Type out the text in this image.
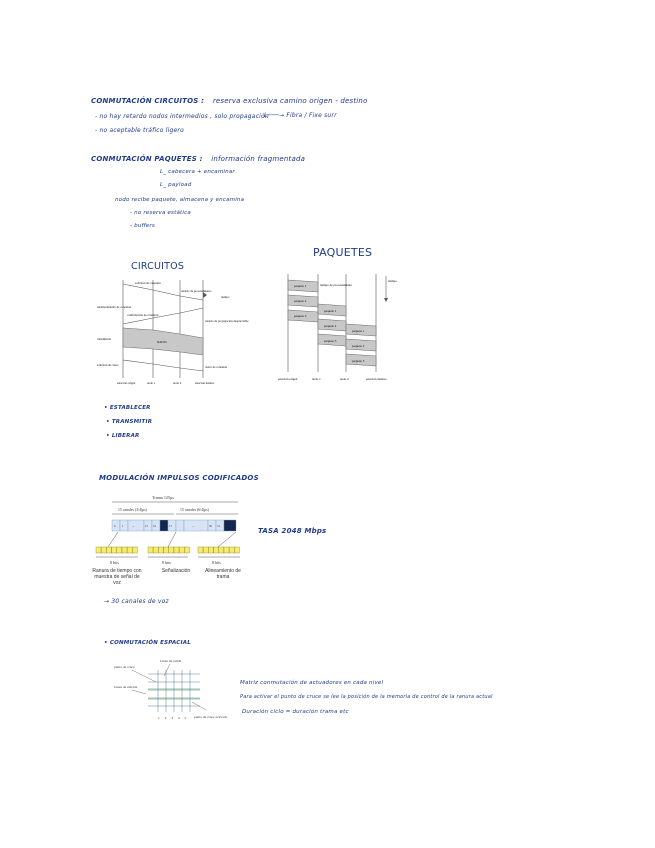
CONMUTACIÓN CIRCUITOS : reserva exclusiva camino origen - destino
- no hay retardo nodos intermedios , solo propagación
L───→ Fibra / Fixe surr
- no aceptable tráfico ligero
CONMUTACIÓN PAQUETES : información fragmentada
L_ cabecera + encaminar
L_ payload
nodo recibe paquete, almacena y encamina
- no reserva estática
- buffers
CIRCUITOS
solicitud de conexión
retardo de procesamiento
establecimiento de conexión
tiempo
confirmación de conexión
retardo de propagación despreciable
transmisión
DATOS
solicitud de cierre	cierre de conexión
estación origen	nodo 1	nodo 2	estación destino
PAQUETES
tiempo
tiempo de procesamiento
paquete 1
paquete 2
paquete 3
paquete 1
paquete 2
paquete 3
paquete 1
paquete 2
paquete 3
estación origen	nodo 1	nodo 2	estación destino
• ESTABLECER
• TRANSMITIR
• LIBERAR
MODULACIÓN IMPULSOS CODIFICADOS
Trama 125μs
15 canales (3/4)μs)	15 canales (6/4)μs)
0 1	...	15 16	17	...	30 31
8 bits	8 bits	8 bits
Ranura de tiempo con muestra de señal de voz
Señalización	Alineamiento de trama
TASA 2048 Mbps
→ 30 canales de voz
• CONMUTACIÓN ESPACIAL
punto de cruce
Línea de salida
Línea de entrada
punto de cruce activado
1 2 3 4 5
Matriz conmutación de actuadores en cada nivel
Para activar el punto de cruce se lee la posición de la memoria de control de la ranura actual
Duración ciclo = duración trama etc
